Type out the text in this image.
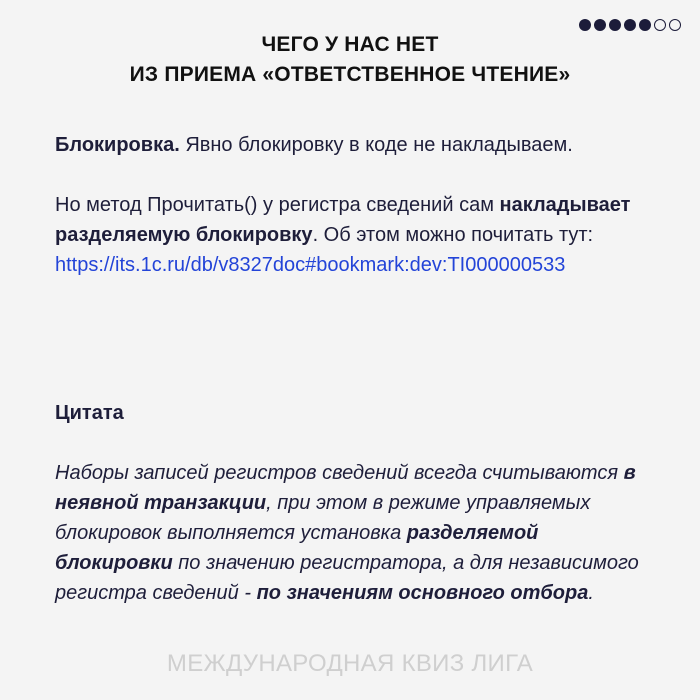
ЧЕГО У НАС НЕТ
ИЗ ПРИЕМА «ОТВЕТСТВЕННОЕ ЧТЕНИЕ»
Блокировка. Явно блокировку в коде не накладываем.
Но метод Прочитать() у регистра сведений сам накладывает разделяемую блокировку. Об этом можно почитать тут:
https://its.1c.ru/db/v8327doc#bookmark:dev:TI000000533
Цитата
Наборы записей регистров сведений всегда считываются в неявной транзакции, при этом в режиме управляемых блокировок выполняется установка разделяемой блокировки по значению регистратора, а для независимого регистра сведений - по значениям основного отбора.
МЕЖДУНАРОДНАЯ КВИЗ ЛИГА
